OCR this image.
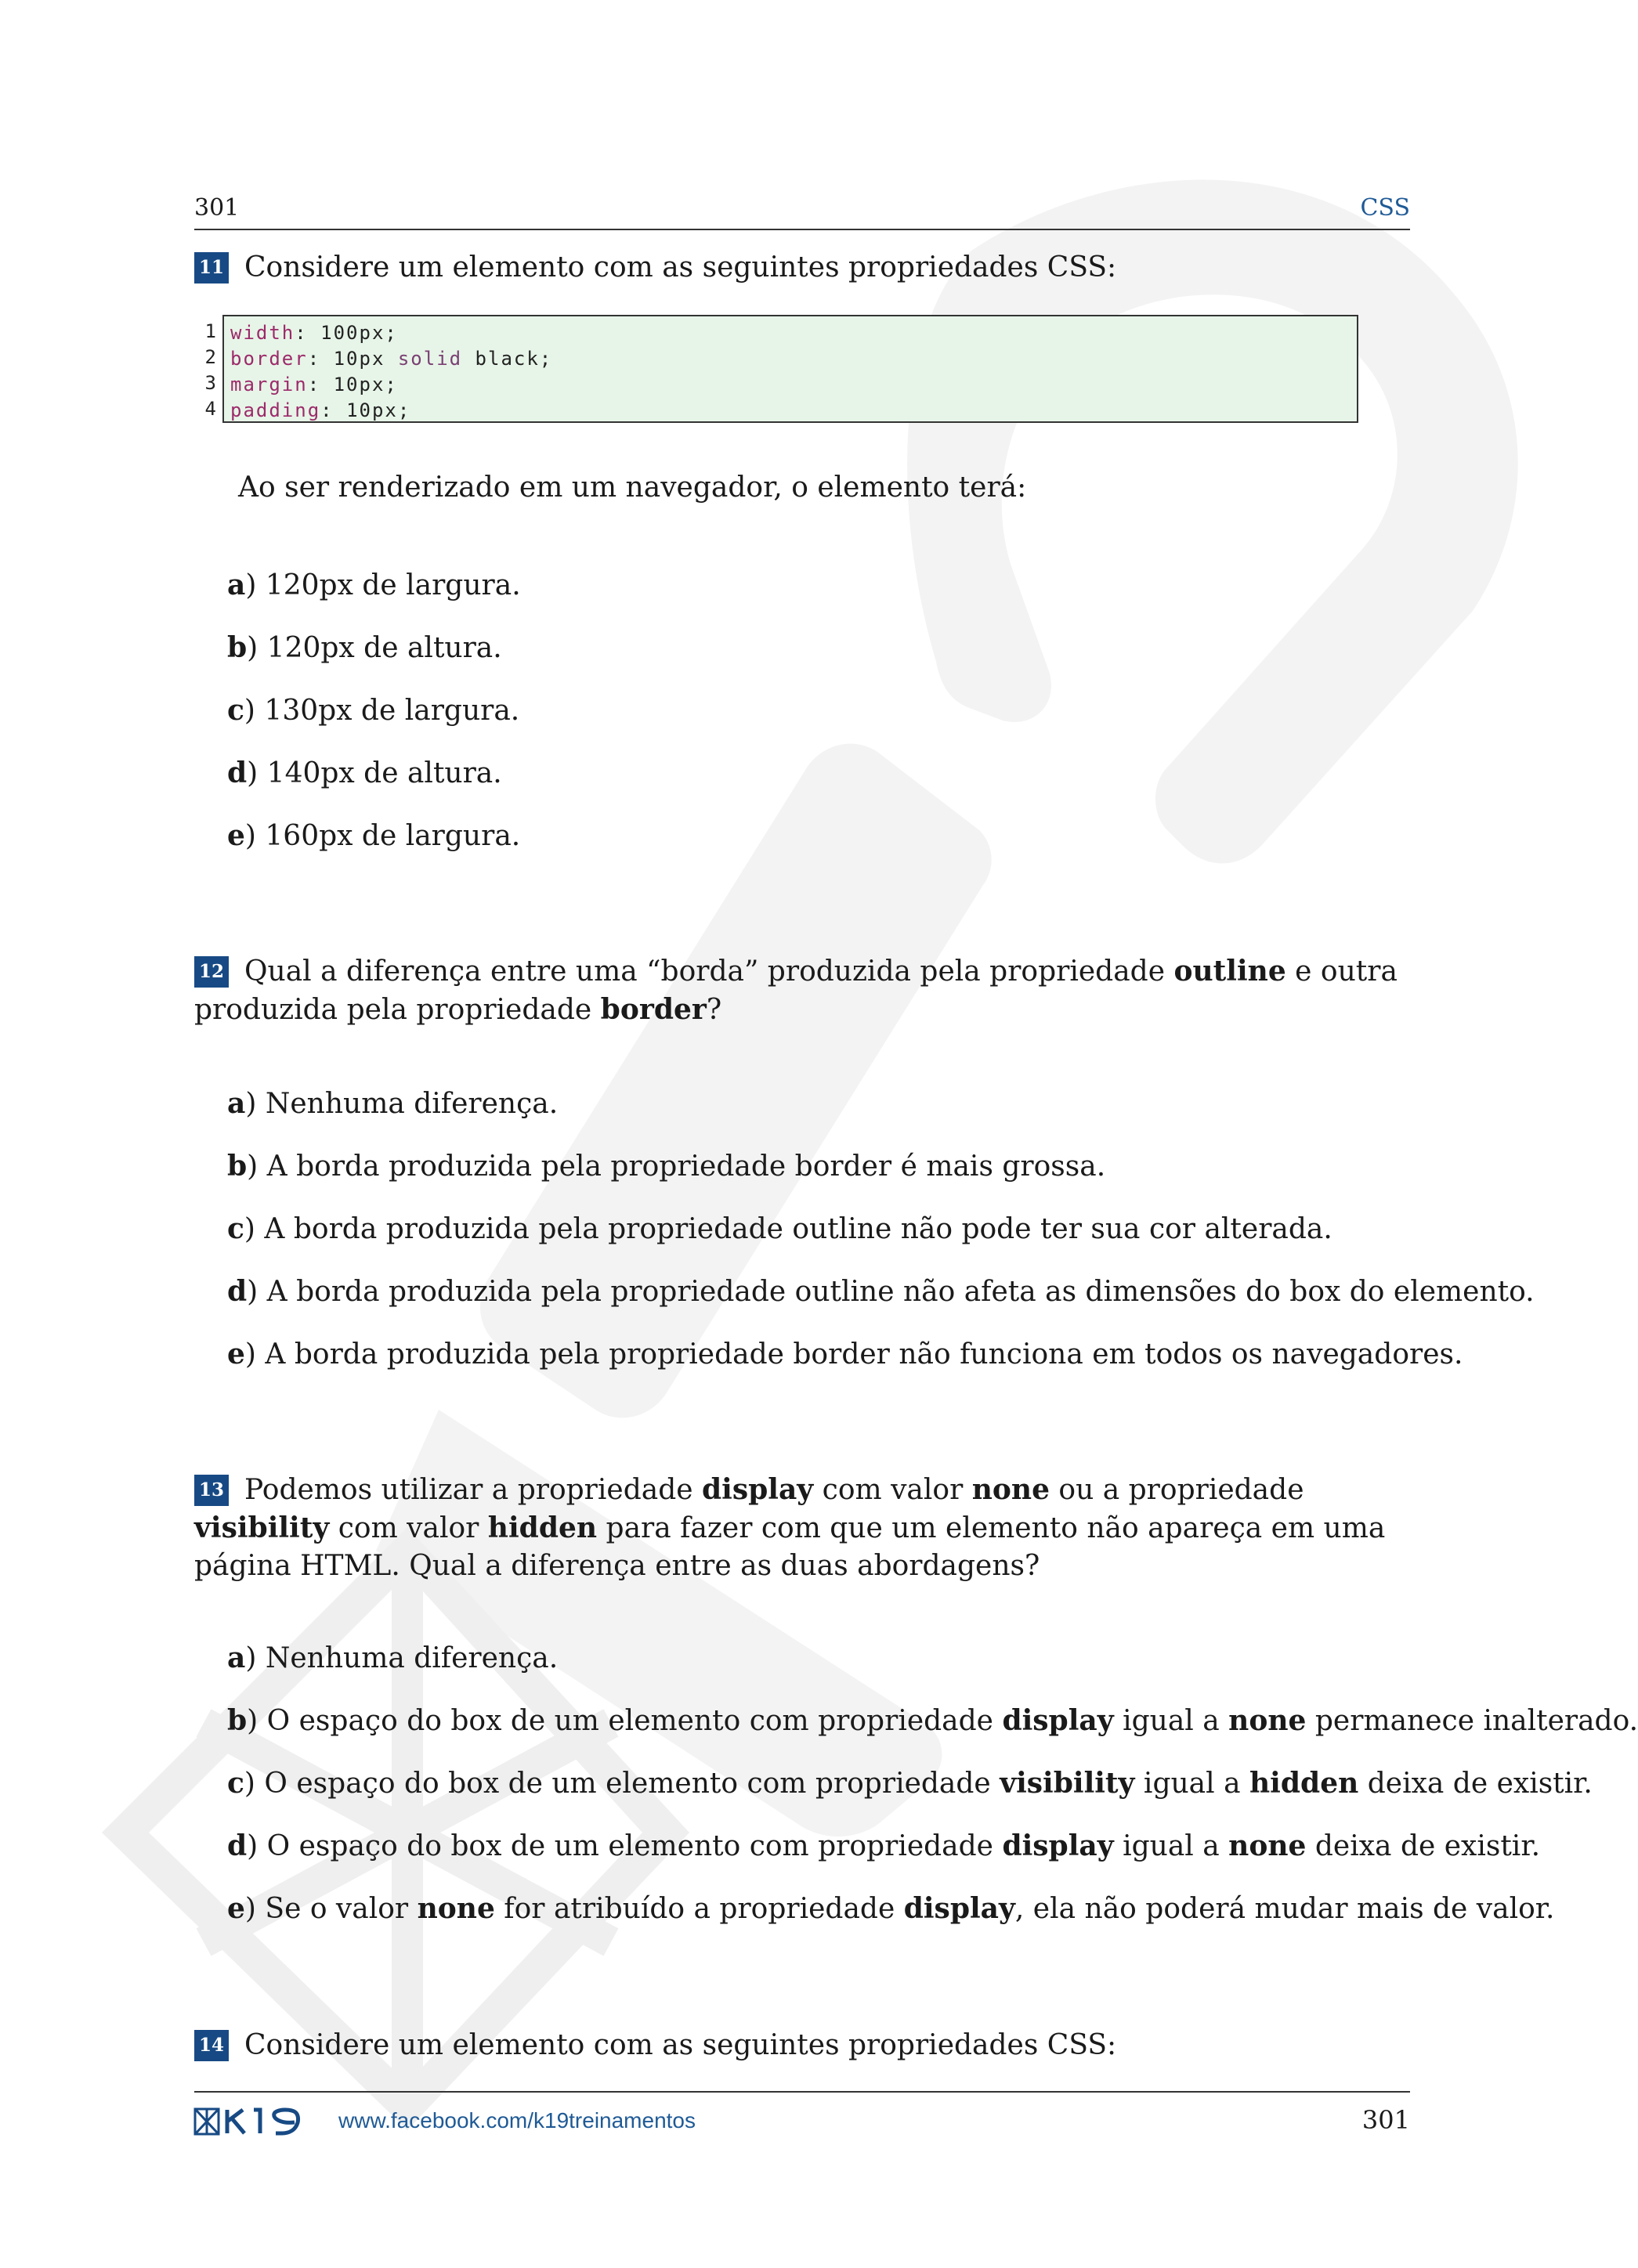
301	CSS
11 Considere um elemento com as seguintes propriedades CSS:
1
2
3
4
width: 100px;
border: 10px solid black;
margin: 10px;
padding: 10px;
Ao ser renderizado em um navegador, o elemento terá:
a) 120px de largura.
b) 120px de altura.
c) 130px de largura.
d) 140px de altura.
e) 160px de largura.
12 Qual a diferença entre uma “borda” produzida pela propriedade outline e outra produzida pela propriedade border?
a) Nenhuma diferença.
b) A borda produzida pela propriedade border é mais grossa.
c) A borda produzida pela propriedade outline não pode ter sua cor alterada.
d) A borda produzida pela propriedade outline não afeta as dimensões do box do elemento.
e) A borda produzida pela propriedade border não funciona em todos os navegadores.
13 Podemos utilizar a propriedade display com valor none ou a propriedade visibility com valor hidden para fazer com que um elemento não apareça em uma página HTML. Qual a diferença entre as duas abordagens?
a) Nenhuma diferença.
b) O espaço do box de um elemento com propriedade display igual a none permanece inalterado.
c) O espaço do box de um elemento com propriedade visibility igual a hidden deixa de existir.
d) O espaço do box de um elemento com propriedade display igual a none deixa de existir.
e) Se o valor none for atribuído a propriedade display, ela não poderá mudar mais de valor.
14 Considere um elemento com as seguintes propriedades CSS:
www.facebook.com/k19treinamentos	301
